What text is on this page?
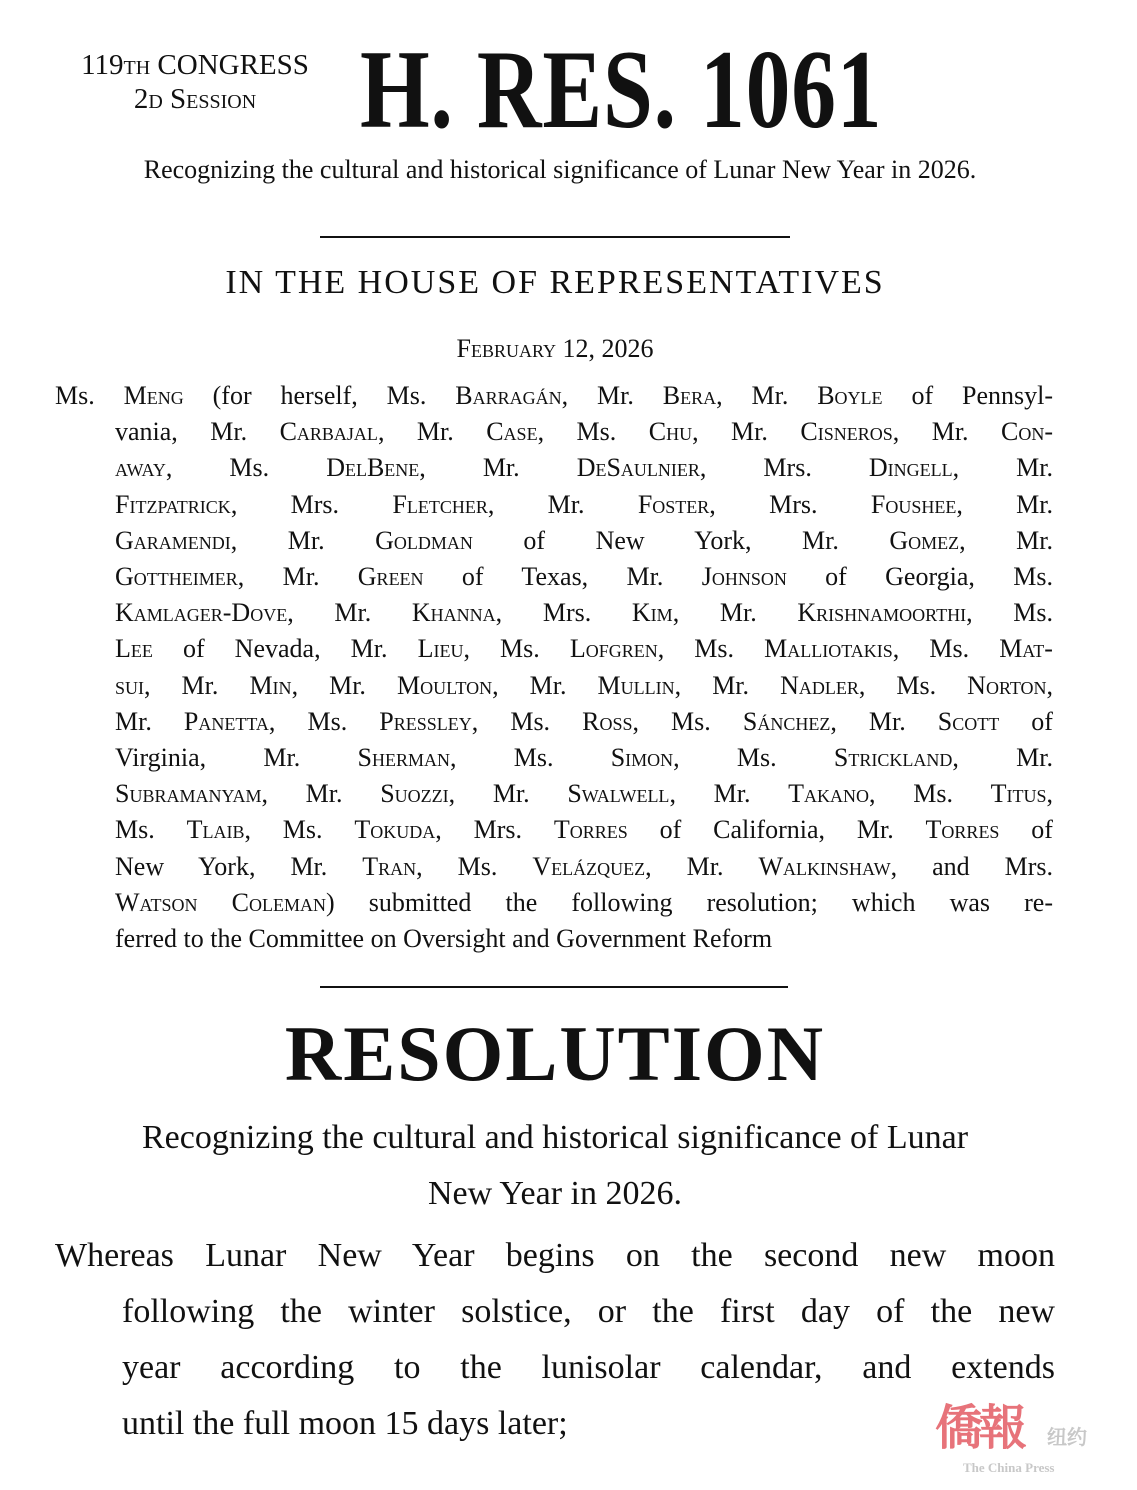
119th CONGRESS
2d Session H. RES. 1061
Recognizing the cultural and historical significance of Lunar New Year in 2026.
IN THE HOUSE OF REPRESENTATIVES
February 12, 2026
Ms. Meng (for herself, Ms. Barragán, Mr. Bera, Mr. Boyle of Pennsyl-
vania, Mr. Carbajal, Mr. Case, Ms. Chu, Mr. Cisneros, Mr. Con-
away, Ms. DelBene, Mr. DeSaulnier, Mrs. Dingell, Mr.
Fitzpatrick, Mrs. Fletcher, Mr. Foster, Mrs. Foushee, Mr.
Garamendi, Mr. Goldman of New York, Mr. Gomez, Mr.
Gottheimer, Mr. Green of Texas, Mr. Johnson of Georgia, Ms.
Kamlager-Dove, Mr. Khanna, Mrs. Kim, Mr. Krishnamoorthi, Ms.
Lee of Nevada, Mr. Lieu, Ms. Lofgren, Ms. Malliotakis, Ms. Mat-
sui, Mr. Min, Mr. Moulton, Mr. Mullin, Mr. Nadler, Ms. Norton,
Mr. Panetta, Ms. Pressley, Ms. Ross, Ms. Sánchez, Mr. Scott of
Virginia, Mr. Sherman, Ms. Simon, Ms. Strickland, Mr.
Subramanyam, Mr. Suozzi, Mr. Swalwell, Mr. Takano, Ms. Titus,
Ms. Tlaib, Ms. Tokuda, Mrs. Torres of California, Mr. Torres of
New York, Mr. Tran, Ms. Velázquez, Mr. Walkinshaw, and Mrs.
Watson Coleman) submitted the following resolution; which was re-
ferred to the Committee on Oversight and Government Reform
RESOLUTION
Recognizing the cultural and historical significance of Lunar
New Year in 2026.
Whereas Lunar New Year begins on the second new moon
following the winter solstice, or the first day of the new
year according to the lunisolar calendar, and extends
until the full moon 15 days later;	僑報 纽约
The China Press
